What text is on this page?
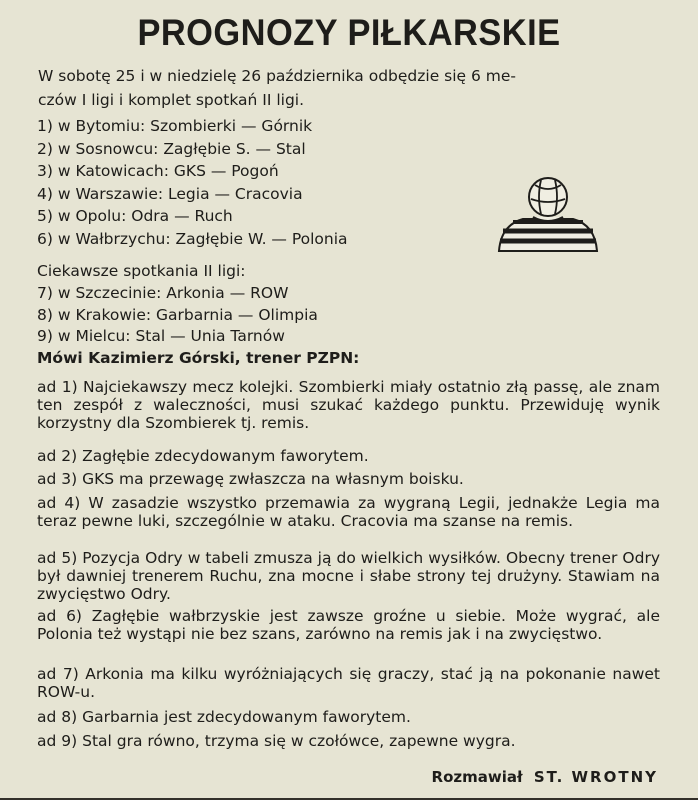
PROGNOZY PIŁKARSKIE
W sobotę 25 i w niedzielę 26 października odbędzie się 6 me-
czów I ligi i komplet spotkań II ligi.
1) w Bytomiu: Szombierki — Górnik
2) w Sosnowcu: Zagłębie S. — Stal
3) w Katowicach: GKS — Pogoń
4) w Warszawie: Legia — Cracovia
5) w Opolu: Odra — Ruch
6) w Wałbrzychu: Zagłębie W. — Polonia
Ciekawsze spotkania II ligi:
7) w Szczecinie: Arkonia — ROW
8) w Krakowie: Garbarnia — Olimpia
9) w Mielcu: Stal — Unia Tarnów
Mówi Kazimierz Górski, trener PZPN:
ad 1) Najciekawszy mecz kolejki. Szombierki miały ostatnio złą passę, ale znam ten zespół z waleczności, musi szukać każdego punktu. Przewiduję wynik korzystny dla Szombierek tj. remis.
ad 2) Zagłębie zdecydowanym faworytem.
ad 3) GKS ma przewagę zwłaszcza na własnym boisku.
ad 4) W zasadzie wszystko przemawia za wygraną Legii, jednakże Legia ma teraz pewne luki, szczególnie w ataku. Cracovia ma szanse na remis.
ad 5) Pozycja Odry w tabeli zmusza ją do wielkich wysiłków. Obecny trener Odry był dawniej trenerem Ruchu, zna mocne i słabe strony tej drużyny. Stawiam na zwycięstwo Odry.
ad 6) Zagłębie wałbrzyskie jest zawsze groźne u siebie. Może wygrać, ale Polonia też wystąpi nie bez szans, zarówno na remis jak i na zwycięstwo.
ad 7) Arkonia ma kilku wyróżniających się graczy, stać ją na pokonanie nawet ROW-u.
ad 8) Garbarnia jest zdecydowanym faworytem.
ad 9) Stal gra równo, trzyma się w czołówce, zapewne wygra.
Rozmawiał ST. WROTNY
